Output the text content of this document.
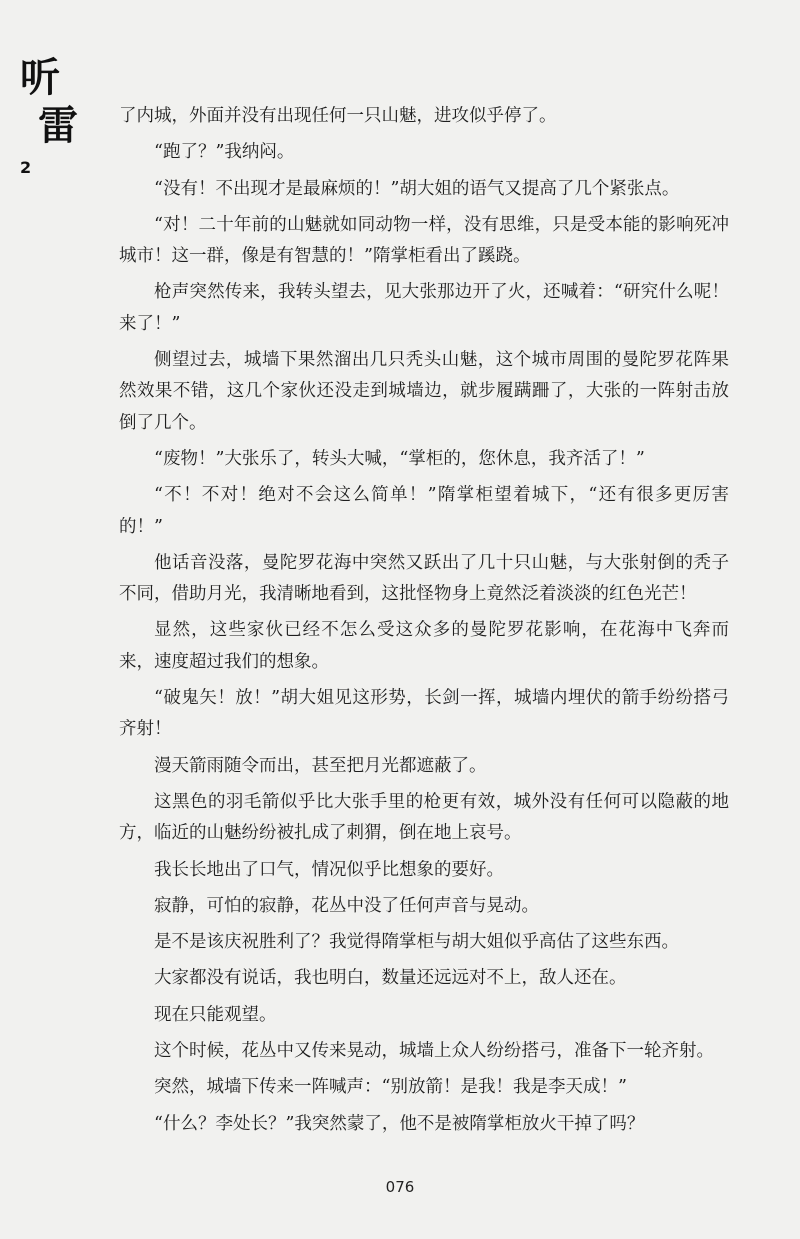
听
雷
2

了内城，外面并没有出现任何一只山魅，进攻似乎停了。

“跑了？”我纳闷。

“没有！不出现才是最麻烦的！”胡大姐的语气又提高了几个紧张点。

“对！二十年前的山魅就如同动物一样，没有思维，只是受本能的影响死冲城市！这一群，像是有智慧的！”隋掌柜看出了蹊跷。

枪声突然传来，我转头望去，见大张那边开了火，还喊着：“研究什么呢！来了！”

侧望过去，城墙下果然溜出几只秃头山魅，这个城市周围的曼陀罗花阵果然效果不错，这几个家伙还没走到城墙边，就步履蹒跚了，大张的一阵射击放倒了几个。

“废物！”大张乐了，转头大喊，“掌柜的，您休息，我齐活了！”

“不！不对！绝对不会这么简单！”隋掌柜望着城下，“还有很多更厉害的！”

他话音没落，曼陀罗花海中突然又跃出了几十只山魅，与大张射倒的秃子不同，借助月光，我清晰地看到，这批怪物身上竟然泛着淡淡的红色光芒！

显然，这些家伙已经不怎么受这众多的曼陀罗花影响，在花海中飞奔而来，速度超过我们的想象。

“破鬼矢！放！”胡大姐见这形势，长剑一挥，城墙内埋伏的箭手纷纷搭弓齐射！

漫天箭雨随令而出，甚至把月光都遮蔽了。

这黑色的羽毛箭似乎比大张手里的枪更有效，城外没有任何可以隐蔽的地方，临近的山魅纷纷被扎成了刺猬，倒在地上哀号。

我长长地出了口气，情况似乎比想象的要好。

寂静，可怕的寂静，花丛中没了任何声音与晃动。

是不是该庆祝胜利了？我觉得隋掌柜与胡大姐似乎高估了这些东西。

大家都没有说话，我也明白，数量还远远对不上，敌人还在。

现在只能观望。

这个时候，花丛中又传来晃动，城墙上众人纷纷搭弓，准备下一轮齐射。

突然，城墙下传来一阵喊声：“别放箭！是我！我是李天成！”

“什么？李处长？”我突然蒙了，他不是被隋掌柜放火干掉了吗？

076
